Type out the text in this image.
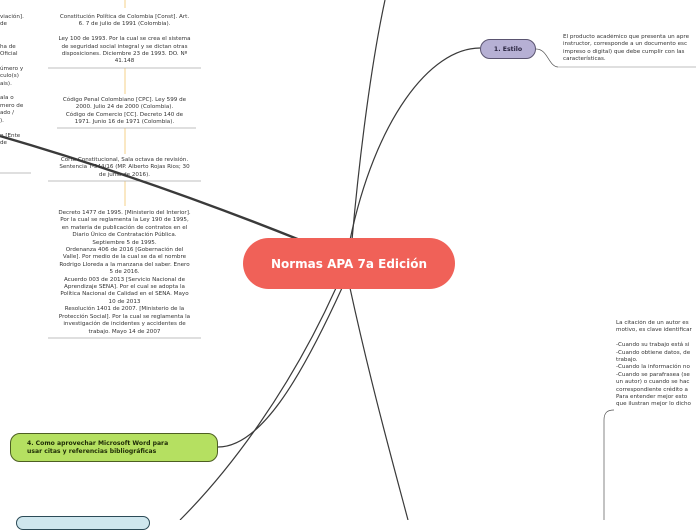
viación].
de

ha de
Oficial

úmero y
culo(s)
ais).

ala o
mero de
ado /
).

n [Ente
de
Constitución Política de Colombia [Const]. Art.
6. 7 de julio de 1991 (Colombia).

Ley 100 de 1993. Por la cual se crea el sistema
de seguridad social integral y se dictan otras
disposiciones. Diciembre 23 de 1993. DO. Nº
41.148
Código Penal Colombiano [CPC]. Ley 599 de
2000. Julio 24 de 2000 (Colombia).
Código de Comercio [CC]. Decreto 140 de
1971. Junio 16 de 1971 (Colombia).
Corte Constitucional, Sala octava de revisión.
Sentencia T-344/16 (MP. Alberto Rojas Rios; 30
de junio de 2016).
Decreto 1477 de 1995. [Ministerio del Interior].
Por la cual se reglamenta la Ley 190 de 1995,
en materia de publicación de contratos en el
Diario Único de Contratación Pública.
Septiembre 5 de 1995.
Ordenanza 406 de 2016 [Gobernación del
Valle]. Por medio de la cual se da el nombre
Rodrigo Lloreda a la manzana del saber. Enero
5 de 2016.
Acuerdo 003 de 2013 [Servicio Nacional de
Aprendizaje SENA]. Por el cual se adopta la
Política Nacional de Calidad en el SENA. Mayo
10 de 2013
Resolución 1401 de 2007. [Ministerio de la
Protección Social]. Por la cual se reglamenta la
investigación de incidentes y accidentes de
trabajo. Mayo 14 de 2007
El producto académico que presenta un apre
instructor, corresponde a un documento esc
impreso o digital) que debe cumplir con las
características.
La citación de un autor es
motivo, es clave identificar

-Cuando su trabajo está si
-Cuando obtiene datos, de
trabajo.
-Cuando la información no
-Cuando se parafrasea (se
un autor) o cuando se hac
correspondiente crédito a
Para entender mejor esto
que ilustran mejor lo dicho
Normas APA 7a Edición
1. Estilo
4. Como aprovechar Microsoft Word para
usar citas y referencias bibliográficas
